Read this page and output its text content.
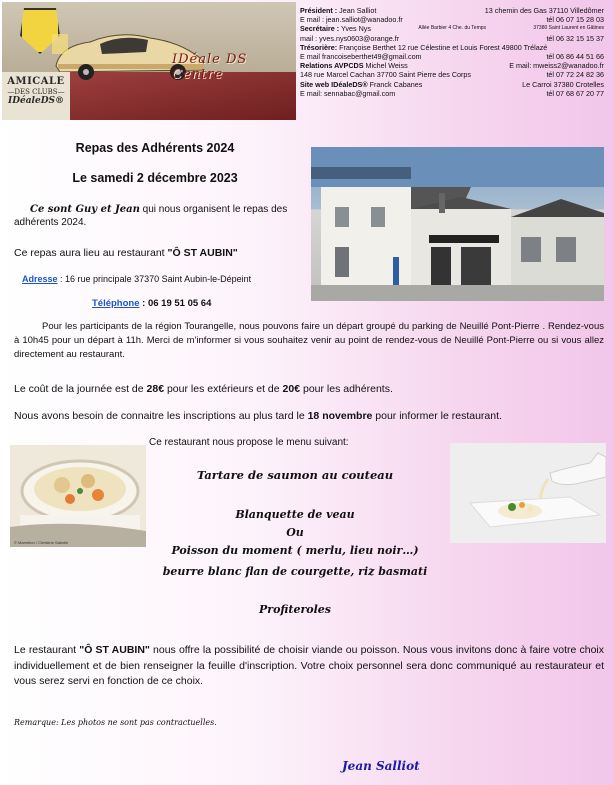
IDéale DS Centre
AMICALE
—DES CLUBS—
IDéaleDS®
Président : Jean Salliot	13 chemin des Gas 37110 Villedômer
E mail : jean.salliot@wanadoo.fr	tél 06 07 15 28 03
Secrétaire : Yves Nys	Allée Barbier 4 Che. du Temps	37380 Saint Laurent en Gâtines
mail : yves.nys0603@orange.fr	tél 06 32 15 15 37
Trésorière: Françoise Berthet 12 rue Célestine et Louis Forest 49800 Trélazé
E mail francoiseberthet49@gmail.com	tél 06 86 44 51 66
Relations AVPCDS Michel Weiss	E mail: mweiss2@wanadoo.fr
148 rue Marcel Cachan 37700 Saint Pierre des Corps	tél 07 72 24 82 36
Site web IDéaleDS® Franck Cabanes	Le Carroi 37380 Crotelles
E mail: sennabac@gmail.com	tél 07 68 67 20 77
Repas des Adhérents 2024
Le samedi 2 décembre 2023
Ce sont Guy et Jean qui nous organisent le repas des adhérents 2024.
Ce repas aura lieu au restaurant "Ô ST AUBIN"
Adresse : 16 rue principale 37370 Saint Aubin-le-Dépeint
Téléphone : 06 19 51 05 64
Pour les participants de la région Tourangelle, nous pouvons faire un départ groupé du parking de Neuillé Pont-Pierre . Rendez-vous à 10h45 pour un départ à 11h. Merci de m'informer si vous souhaitez venir au point de rendez-vous de Neuillé Pont-Pierre ou si vous allez directement au restaurant.
Le coût de la journée est de 28€ pour les extérieurs et de 20€ pour les adhérents.
Nous avons besoin de connaitre les inscriptions au plus tard le 18 novembre pour informer le restaurant.
Ce restaurant nous propose le menu suivant:
© Marmiton / Christine Sabolle
Tartare de saumon au couteau
Blanquette de veau
Ou
Poisson du moment ( merlu, lieu noir…)
beurre blanc flan de courgette, riz basmati
Profiteroles
Le restaurant "Ô ST AUBIN" nous offre la possibilité de choisir viande ou poisson. Nous vous invitons donc à faire votre choix individuellement et de bien renseigner la feuille d'inscription. Votre choix personnel sera donc communiqué au restaurateur et vous serez servi en fonction de ce choix.
Remarque: Les photos ne sont pas contractuelles.
Jean Salliot
